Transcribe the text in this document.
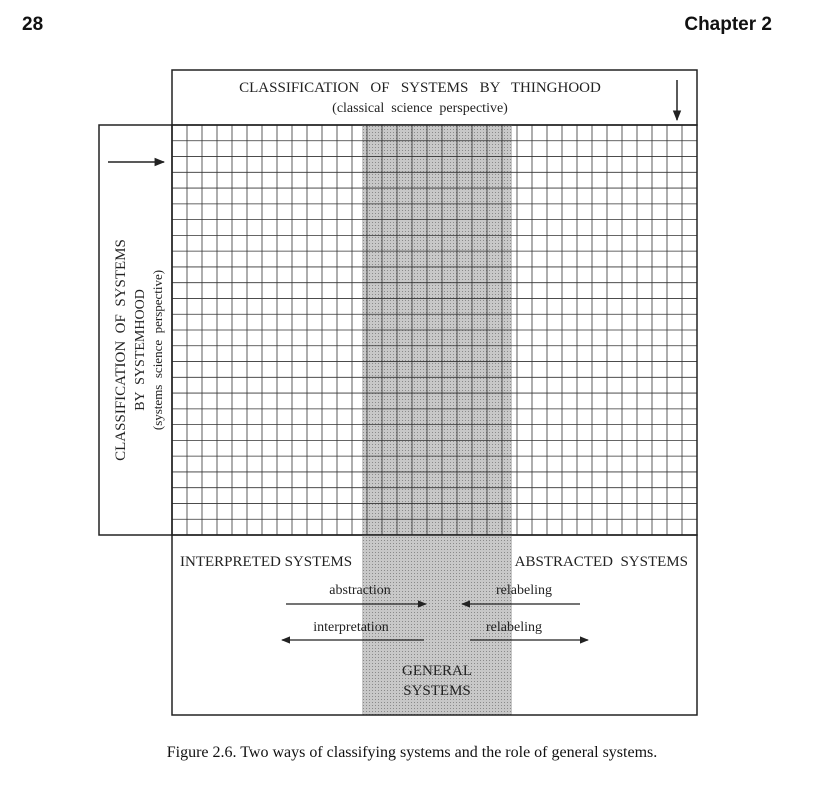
28	Chapter 2
CLASSIFICATION   OF   SYSTEMS   BY   THINGHOOD
(classical  science  perspective)
CLASSIFICATION  OF  SYSTEMS BY  SYSTEMHOOD (systems  science  perspective)
INTERPRETED SYSTEMS	ABSTRACTED  SYSTEMS
abstraction	relabeling
interpretation	relabeling
GENERAL
SYSTEMS
Figure 2.6. Two ways of classifying systems and the role of general systems.
